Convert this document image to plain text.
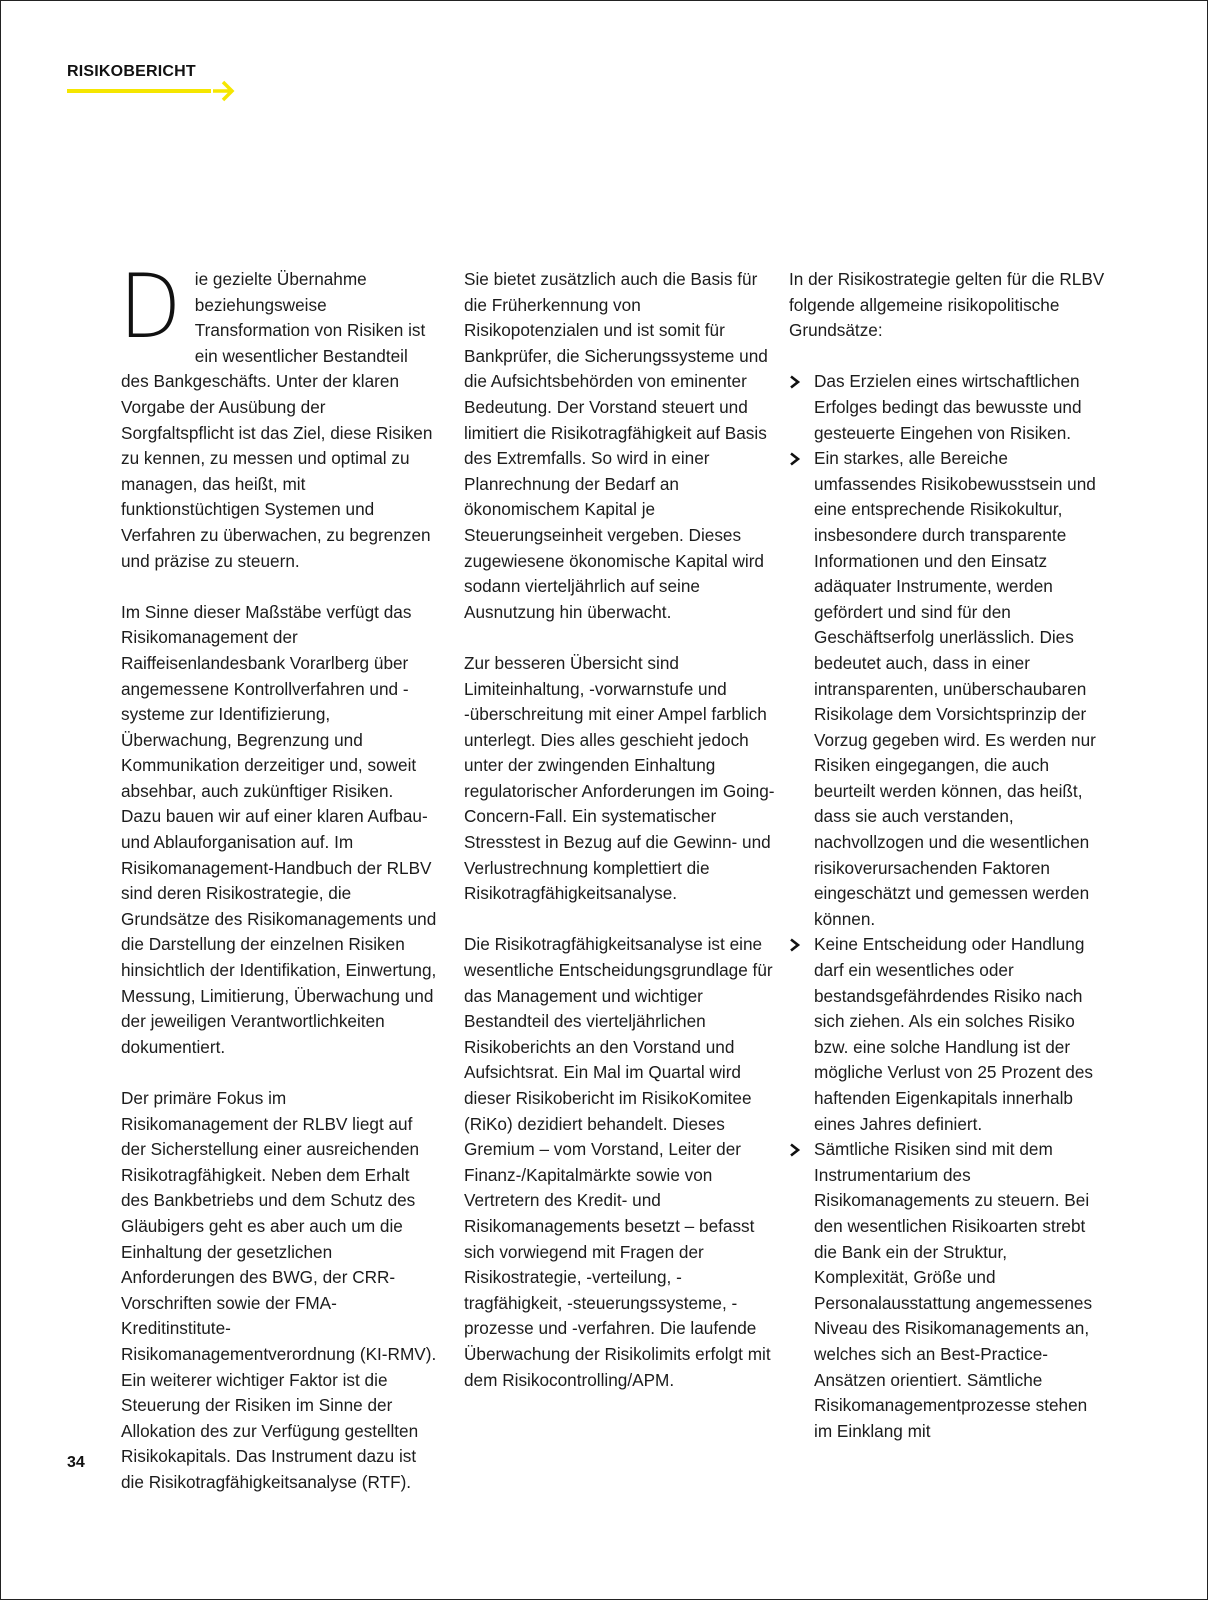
RISIKOBERICHT

Die gezielte Übernahme beziehungsweise Transformation von Risiken ist ein wesentlicher Bestandteil des Bankgeschäfts. Unter der klaren Vorgabe der Ausübung der Sorgfaltspflicht ist das Ziel, diese Risiken zu kennen, zu messen und optimal zu managen, das heißt, mit funktionstüchtigen Systemen und Verfahren zu überwachen, zu begrenzen und präzise zu steuern.

Im Sinne dieser Maßstäbe verfügt das Risikomanagement der Raiffeisenlandesbank Vorarlberg über angemessene Kontrollverfahren und -systeme zur Identifizierung, Überwachung, Begrenzung und Kommunikation derzeitiger und, soweit absehbar, auch zukünftiger Risiken. Dazu bauen wir auf einer klaren Aufbau- und Ablauforganisation auf. Im Risikomanagement-Handbuch der RLBV sind deren Risikostrategie, die Grundsätze des Risikomanagements und die Darstellung der einzelnen Risiken hinsichtlich der Identifikation, Einwertung, Messung, Limitierung, Überwachung und der jeweiligen Verantwortlichkeiten dokumentiert.

Der primäre Fokus im Risikomanagement der RLBV liegt auf der Sicherstellung einer ausreichenden Risikotragfähigkeit. Neben dem Erhalt des Bankbetriebs und dem Schutz des Gläubigers geht es aber auch um die Einhaltung der gesetzlichen Anforderungen des BWG, der CRR-Vorschriften sowie der FMA-Kreditinstitute-Risikomanagementverordnung (KI-RMV). Ein weiterer wichtiger Faktor ist die Steuerung der Risiken im Sinne der Allokation des zur Verfügung gestellten Risikokapitals. Das Instrument dazu ist die Risikotragfähigkeitsanalyse (RTF).

Sie bietet zusätzlich auch die Basis für die Früherkennung von Risikopotenzialen und ist somit für Bankprüfer, die Sicherungssysteme und die Aufsichtsbehörden von eminenter Bedeutung. Der Vorstand steuert und limitiert die Risikotragfähigkeit auf Basis des Extremfalls. So wird in einer Planrechnung der Bedarf an ökonomischem Kapital je Steuerungseinheit vergeben. Dieses zugewiesene ökonomische Kapital wird sodann vierteljährlich auf seine Ausnutzung hin überwacht.

Zur besseren Übersicht sind Limiteinhaltung, -vorwarnstufe und -überschreitung mit einer Ampel farblich unterlegt. Dies alles geschieht jedoch unter der zwingenden Einhaltung regulatorischer Anforderungen im Going-Concern-Fall. Ein systematischer Stresstest in Bezug auf die Gewinn- und Verlustrechnung komplettiert die Risikotragfähigkeitsanalyse.

Die Risikotragfähigkeitsanalyse ist eine wesentliche Entscheidungsgrundlage für das Management und wichtiger Bestandteil des vierteljährlichen Risikoberichts an den Vorstand und Aufsichtsrat. Ein Mal im Quartal wird dieser Risikobericht im RisikoKomitee (RiKo) dezidiert behandelt. Dieses Gremium – vom Vorstand, Leiter der Finanz-/Kapitalmärkte sowie von Vertretern des Kredit- und Risikomanagements besetzt – befasst sich vorwiegend mit Fragen der Risikostrategie, -verteilung, -tragfähigkeit, -steuerungssysteme, -prozesse und -verfahren. Die laufende Überwachung der Risikolimits erfolgt mit dem Risikocontrolling/APM.

In der Risikostrategie gelten für die RLBV folgende allgemeine risikopolitische Grundsätze:

Das Erzielen eines wirtschaftlichen Erfolges bedingt das bewusste und gesteuerte Eingehen von Risiken.
Ein starkes, alle Bereiche umfassendes Risikobewusstsein und eine entsprechende Risikokultur, insbesondere durch transparente Informationen und den Einsatz adäquater Instrumente, werden gefördert und sind für den Geschäftserfolg unerlässlich. Dies bedeutet auch, dass in einer intransparenten, unüberschaubaren Risikolage dem Vorsichtsprinzip der Vorzug gegeben wird. Es werden nur Risiken eingegangen, die auch beurteilt werden können, das heißt, dass sie auch verstanden, nachvollzogen und die wesentlichen risikoverursachenden Faktoren eingeschätzt und gemessen werden können.
Keine Entscheidung oder Handlung darf ein wesentliches oder bestandsgefährdendes Risiko nach sich ziehen. Als ein solches Risiko bzw. eine solche Handlung ist der mögliche Verlust von 25 Prozent des haftenden Eigenkapitals innerhalb eines Jahres definiert.
Sämtliche Risiken sind mit dem Instrumentarium des Risikomanagements zu steuern. Bei den wesentlichen Risikoarten strebt die Bank ein der Struktur, Komplexität, Größe und Personalausstattung angemessenes Niveau des Risikomanagements an, welches sich an Best-Practice-Ansätzen orientiert. Sämtliche Risikomanagementprozesse stehen im Einklang mit
34
